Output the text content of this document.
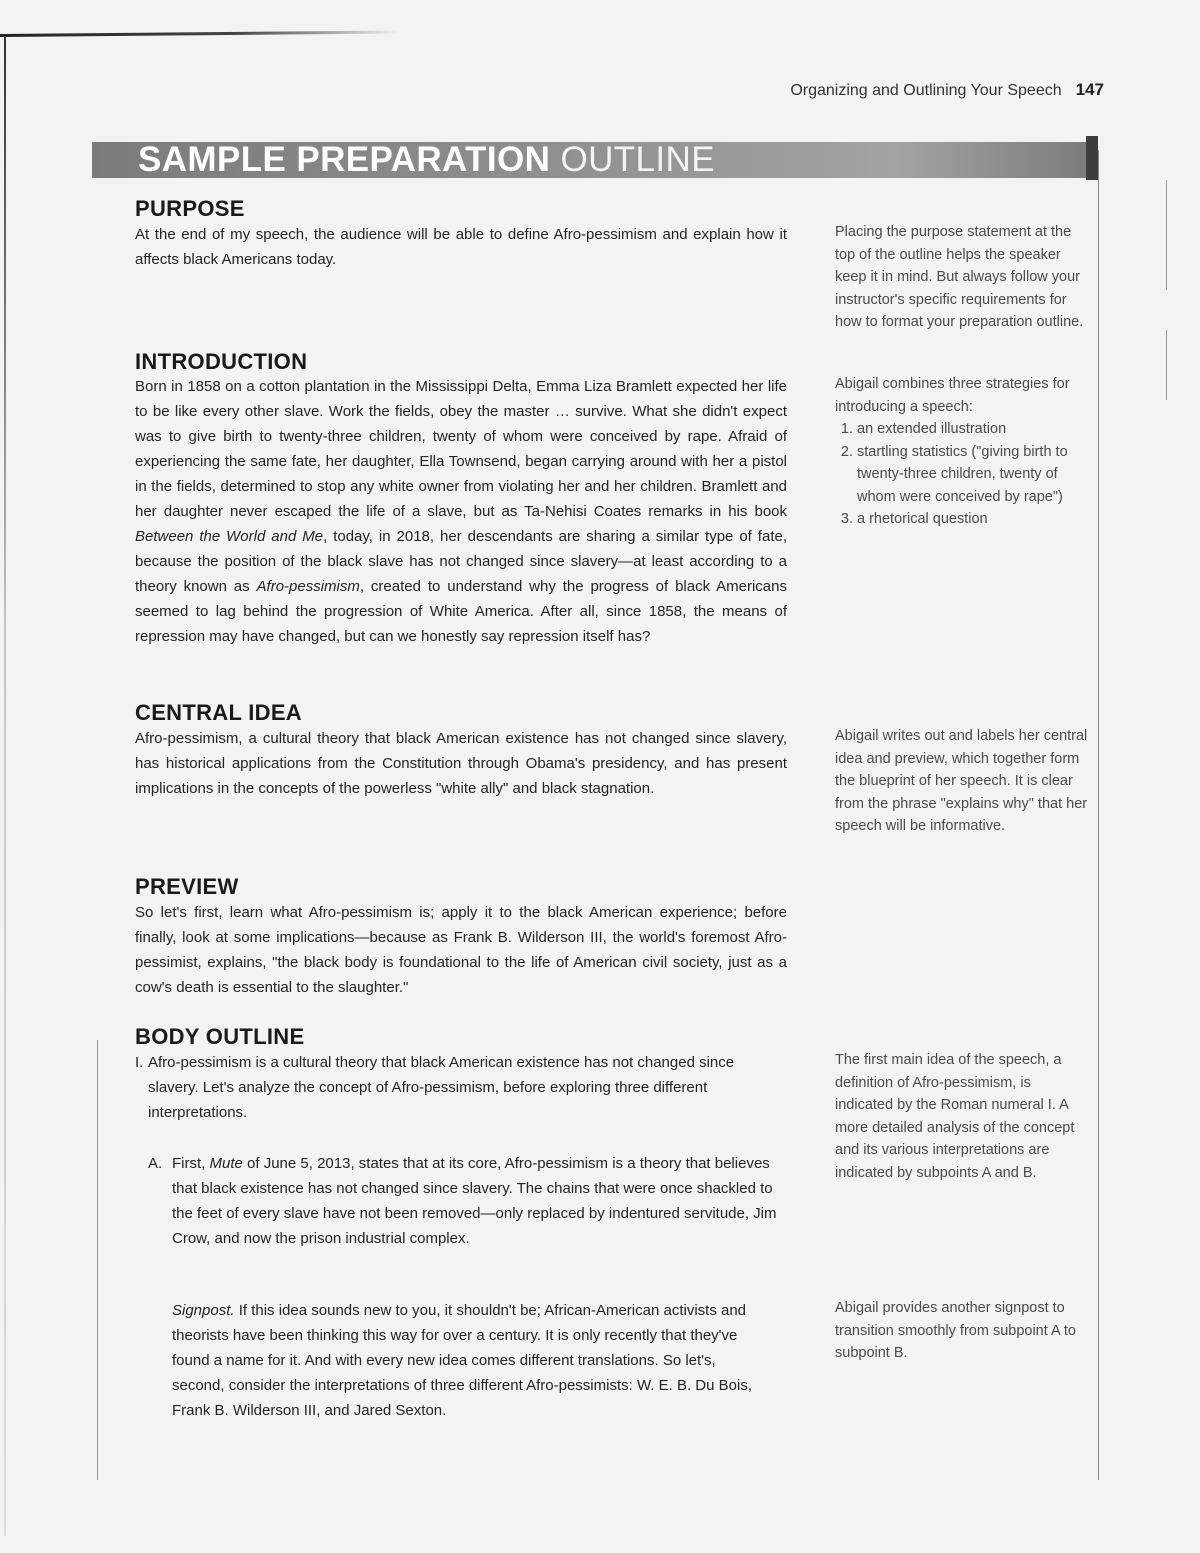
Organizing and Outlining Your Speech 147
SAMPLE PREPARATION OUTLINE
PURPOSE

At the end of my speech, the audience will be able to define Afro-pessimism and explain how it affects black Americans today.

INTRODUCTION

Born in 1858 on a cotton plantation in the Mississippi Delta, Emma Liza Bramlett expected her life to be like every other slave. Work the fields, obey the master … survive. What she didn't expect was to give birth to twenty-three children, twenty of whom were conceived by rape. Afraid of experiencing the same fate, her daughter, Ella Townsend, began carrying around with her a pistol in the fields, determined to stop any white owner from violating her and her children. Bramlett and her daughter never escaped the life of a slave, but as Ta-Nehisi Coates remarks in his book Between the World and Me, today, in 2018, her descendants are sharing a similar type of fate, because the position of the black slave has not changed since slavery—at least according to a theory known as Afro-pessimism, created to understand why the progress of black Americans seemed to lag behind the progression of White America. After all, since 1858, the means of repression may have changed, but can we honestly say repression itself has?

CENTRAL IDEA

Afro-pessimism, a cultural theory that black American existence has not changed since slavery, has historical applications from the Constitution through Obama's presidency, and has present implications in the concepts of the powerless "white ally" and black stagnation.

PREVIEW

So let's first, learn what Afro-pessimism is; apply it to the black American experience; before finally, look at some implications—because as Frank B. Wilderson III, the world's foremost Afro-pessimist, explains, "the black body is foundational to the life of American civil society, just as a cow's death is essential to the slaughter."

BODY OUTLINE
I. Afro-pessimism is a cultural theory that black American existence has not changed since slavery. Let's analyze the concept of Afro-pessimism, before exploring three different interpretations.
A. First, Mute of June 5, 2013, states that at its core, Afro-pessimism is a theory that believes that black existence has not changed since slavery. The chains that were once shackled to the feet of every slave have not been removed—only replaced by indentured servitude, Jim Crow, and now the prison industrial complex.

Signpost. If this idea sounds new to you, it shouldn't be; African-American activists and theorists have been thinking this way for over a century. It is only recently that they've found a name for it. And with every new idea comes different translations. So let's, second, consider the interpretations of three different Afro-pessimists: W. E. B. Du Bois, Frank B. Wilderson III, and Jared Sexton.

Placing the purpose statement at the top of the outline helps the speaker keep it in mind. But always follow your instructor's specific requirements for how to format your preparation outline.

Abigail combines three strategies for introducing a speech:
1. an extended illustration
2. startling statistics ("giving birth to twenty-three children, twenty of whom were conceived by rape")
3. a rhetorical question

Abigail writes out and labels her central idea and preview, which together form the blueprint of her speech. It is clear from the phrase "explains why" that her speech will be informative.

The first main idea of the speech, a definition of Afro-pessimism, is indicated by the Roman numeral I. A more detailed analysis of the concept and its various interpretations are indicated by subpoints A and B.

Abigail provides another signpost to transition smoothly from subpoint A to subpoint B.
